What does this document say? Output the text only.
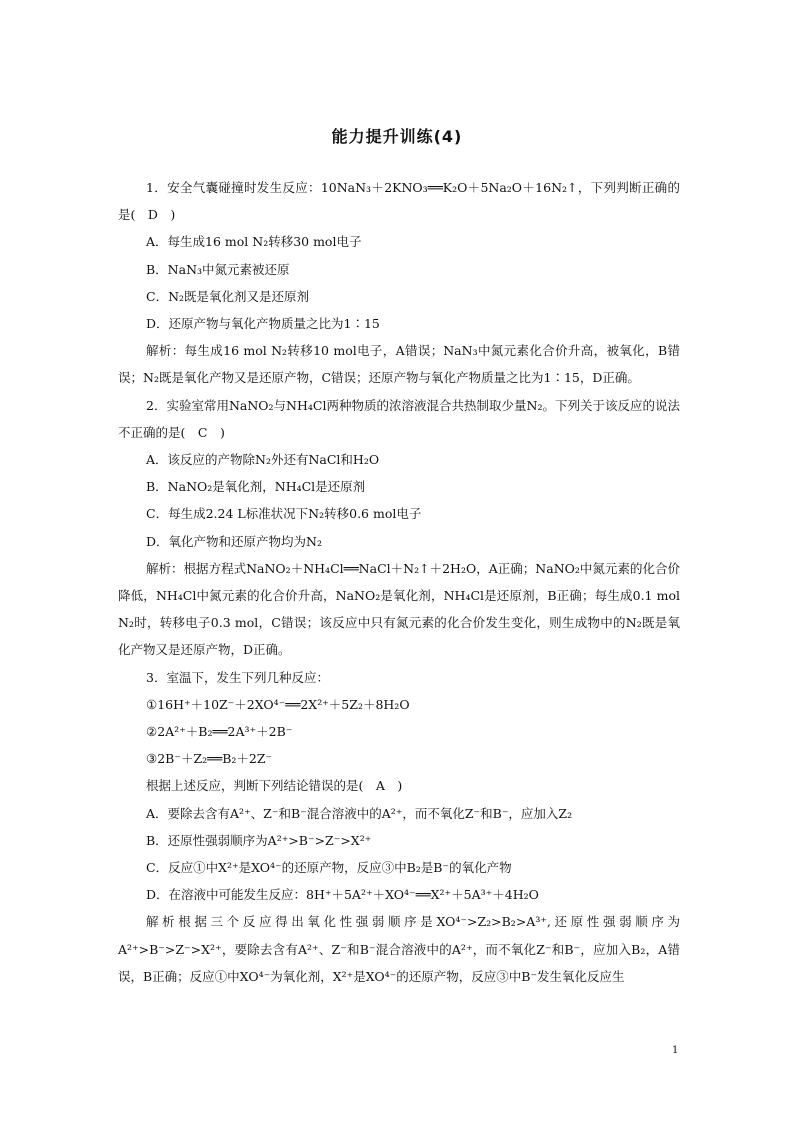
能力提升训练(4)

1．安全气囊碰撞时发生反应：10NaN₃＋2KNO₃══K₂O＋5Na₂O＋16N₂↑，下列判断正确的是(　D　)

A．每生成16 mol N₂转移30 mol电子

B．NaN₃中氮元素被还原

C．N₂既是氧化剂又是还原剂

D．还原产物与氧化产物质量之比为1∶15

解析：每生成16 mol N₂转移10 mol电子，A错误；NaN₃中氮元素化合价升高，被氧化，B错误；N₂既是氧化产物又是还原产物，C错误；还原产物与氧化产物质量之比为1∶15，D正确。

2．实验室常用NaNO₂与NH₄Cl两种物质的浓溶液混合共热制取少量N₂。下列关于该反应的说法不正确的是(　C　)

A．该反应的产物除N₂外还有NaCl和H₂O

B．NaNO₂是氧化剂，NH₄Cl是还原剂

C．每生成2.24 L标准状况下N₂转移0.6 mol电子

D．氧化产物和还原产物均为N₂

解析：根据方程式NaNO₂＋NH₄Cl══NaCl＋N₂↑＋2H₂O，A正确；NaNO₂中氮元素的化合价降低，NH₄Cl中氮元素的化合价升高，NaNO₂是氧化剂，NH₄Cl是还原剂，B正确；每生成0.1 mol N₂时，转移电子0.3 mol，C错误；该反应中只有氮元素的化合价发生变化，则生成物中的N₂既是氧化产物又是还原产物，D正确。

3．室温下，发生下列几种反应：

①16H⁺＋10Z⁻＋2XO⁴⁻══2X²⁺＋5Z₂＋8H₂O

②2A²⁺＋B₂══2A³⁺＋2B⁻

③2B⁻＋Z₂══B₂＋2Z⁻

根据上述反应，判断下列结论错误的是(　A　)

A．要除去含有A²⁺、Z⁻和B⁻混合溶液中的A²⁺，而不氧化Z⁻和B⁻，应加入Z₂

B．还原性强弱顺序为A²⁺>B⁻>Z⁻>X²⁺

C．反应①中X²⁺是XO⁴⁻的还原产物，反应③中B₂是B⁻的氧化产物

D．在溶液中可能发生反应：8H⁺＋5A²⁺＋XO⁴⁻══X²⁺＋5A³⁺＋4H₂O

解析根据三个反应得出氧化性强弱顺序是XO⁴⁻>Z₂>B₂>A³⁺,还原性强弱顺序为A²⁺>B⁻>Z⁻>X²⁺，要除去含有A²⁺、Z⁻和B⁻混合溶液中的A²⁺，而不氧化Z⁻和B⁻，应加入B₂，A错误，B正确；反应①中XO⁴⁻为氧化剂，X²⁺是XO⁴⁻的还原产物，反应③中B⁻发生氧化反应生

1
